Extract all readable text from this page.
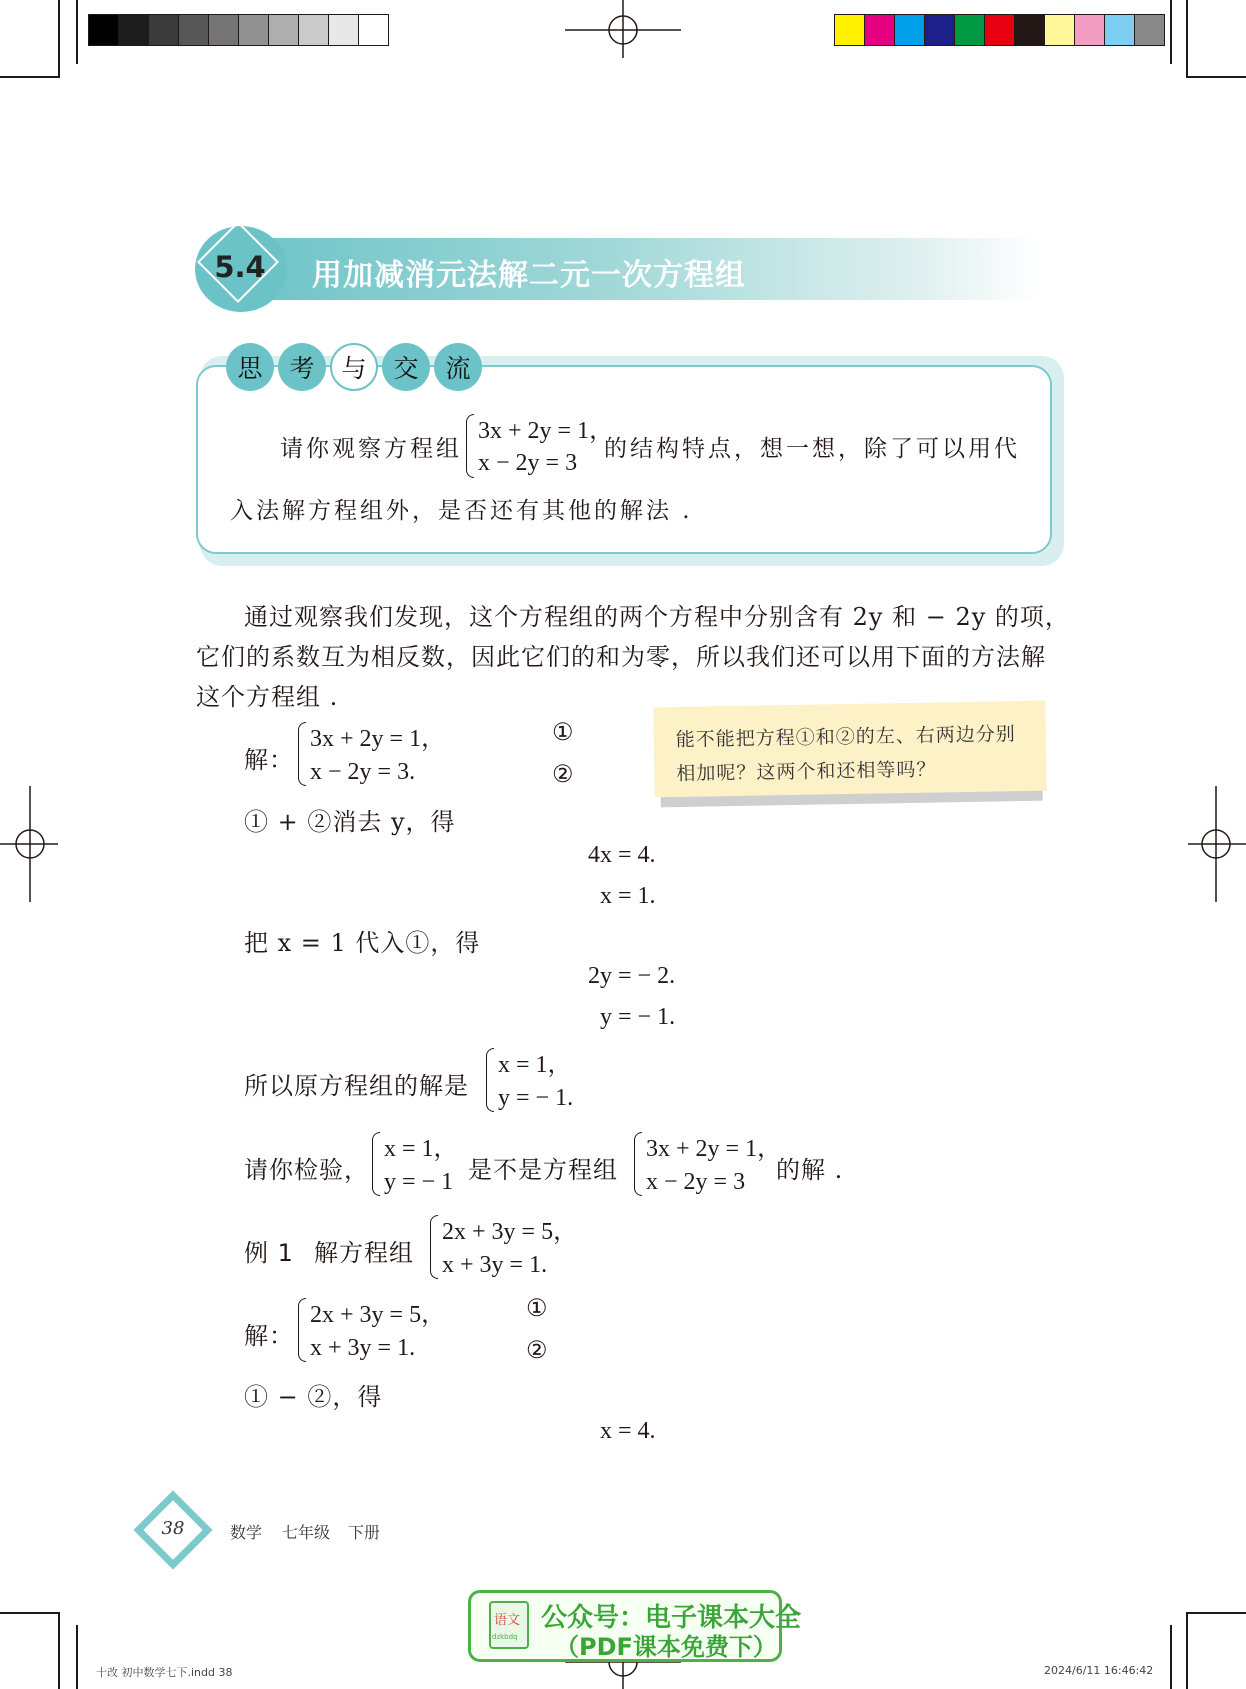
5.4	用加减消元法解二元一次方程组
思	考	与	交	流
请你观察方程组
3x + 2y = 1，
x − 2y = 3
的结构特点，想一想，除了可以用代
入法解方程组外，是否还有其他的解法 .
通过观察我们发现，这个方程组的两个方程中分别含有 2y 和 − 2y 的项，
它们的系数互为相反数，因此它们的和为零，所以我们还可以用下面的方法解
这个方程组 .
解：
3x + 2y = 1，
x − 2y = 3.
①
②
① + ②消去 y，得
4x = 4.
x = 1.
把 x = 1 代入①，得
2y = − 2.
y = − 1.
所以原方程组的解是
x = 1，
y = − 1.
请你检验，
x = 1，
y = − 1 是不是方程组
3x + 2y = 1，
x − 2y = 3 的解 .
能不能把方程①和②的左、右两边分别
相加呢？这两个和还相等吗？
例 1 解方程组
2x + 3y = 5，
x + 3y = 1.
解：
2x + 3y = 5，
x + 3y = 1.
①
②
① − ②，得
x = 4.
38	数学 七年级 下册
语文
dzkbdq
公众号：电子课本大全
（PDF课本免费下）
十改 初中数学七下.indd 38	2024/6/11 16:46:42
